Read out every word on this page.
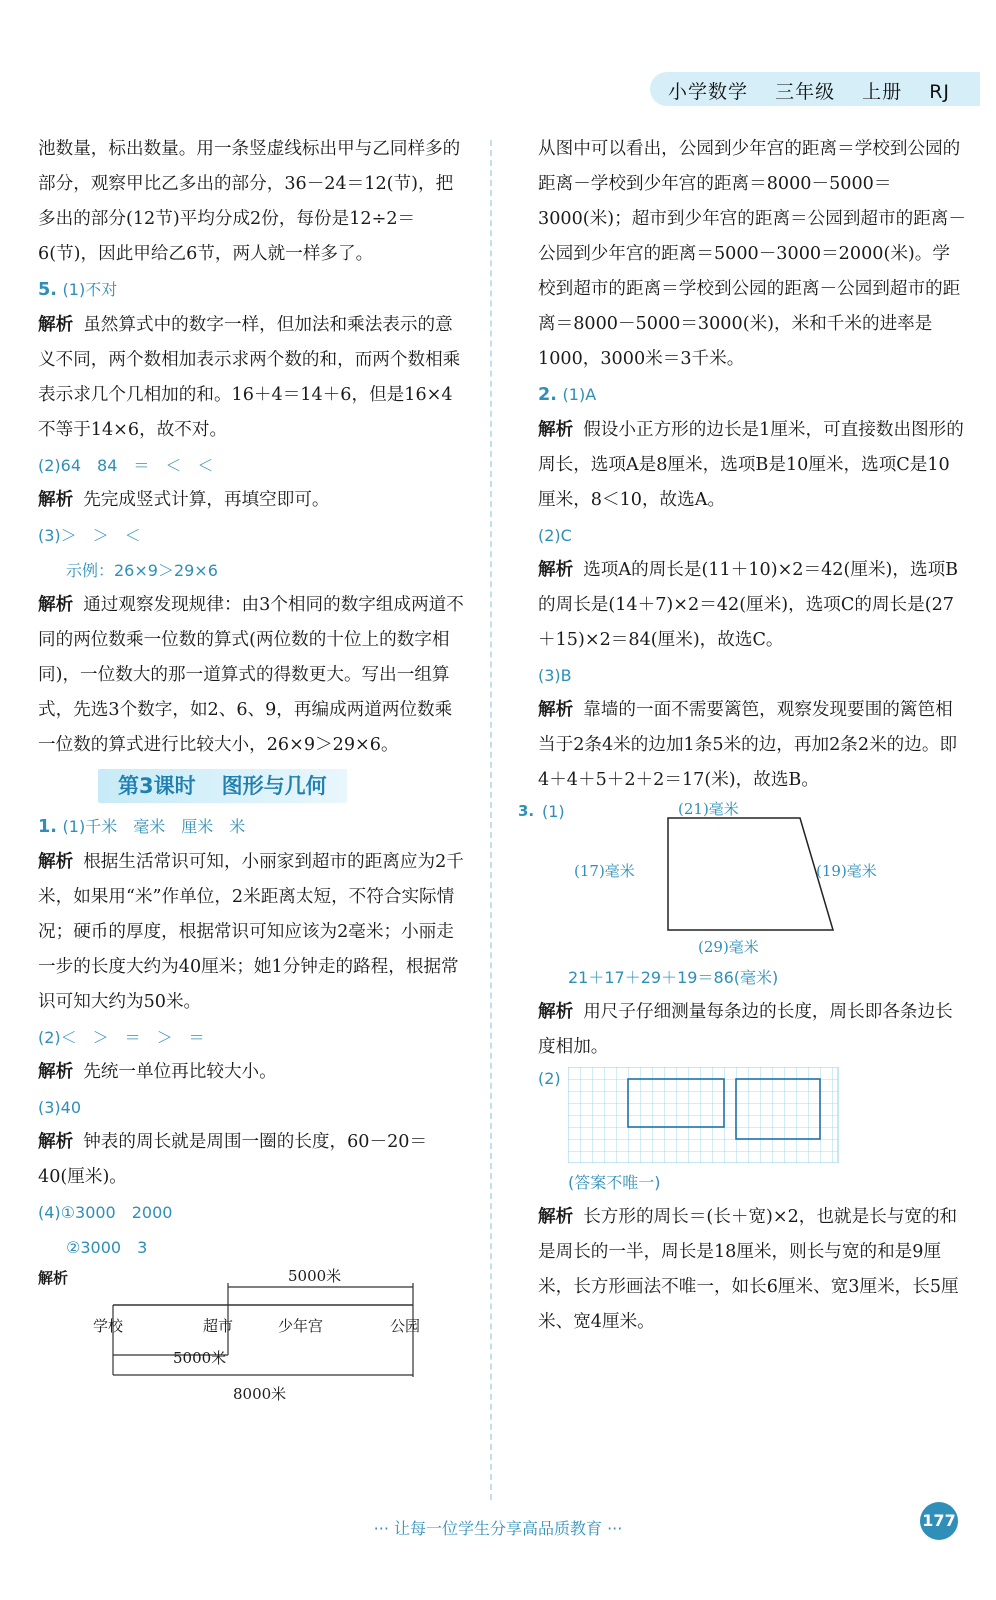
小学数学 三年级 上册 RJ

池数量，标出数量。用一条竖虚线标出甲与乙同样多的部分，观察甲比乙多出的部分，36－24＝12(节)，把多出的部分(12节)平均分成2份，每份是12÷2＝6(节)，因此甲给乙6节，两人就一样多了。

5. (1)不对

解析 虽然算式中的数字一样，但加法和乘法表示的意义不同，两个数相加表示求两个数的和，而两个数相乘表示求几个几相加的和。16＋4＝14＋6，但是16×4不等于14×6，故不对。

(2)64　84　＝　＜　＜

解析 先完成竖式计算，再填空即可。

(3)＞　＞　＜

示例：26×9＞29×6

解析 通过观察发现规律：由3个相同的数字组成两道不同的两位数乘一位数的算式(两位数的十位上的数字相同)，一位数大的那一道算式的得数更大。写出一组算式，先选3个数字，如2、6、9，再编成两道两位数乘一位数的算式进行比较大小，26×9＞29×6。

第3课时 图形与几何

1. (1)千米　毫米　厘米　米

解析 根据生活常识可知，小丽家到超市的距离应为2千米，如果用“米”作单位，2米距离太短，不符合实际情况；硬币的厚度，根据常识可知应该为2毫米；小丽走一步的长度大约为40厘米；她1分钟走的路程，根据常识可知大约为50米。

(2)＜　＞　＝　＞　＝

解析 先统一单位再比较大小。

(3)40

解析 钟表的周长就是周围一圈的长度，60－20＝40(厘米)。

(4)①3000　2000

②3000　3

解析	5000米
学校	超市	少年宫	公园
5000米
8000米

从图中可以看出，公园到少年宫的距离＝学校到公园的距离－学校到少年宫的距离＝8000－5000＝3000(米)；超市到少年宫的距离＝公园到超市的距离－公园到少年宫的距离＝5000－3000＝2000(米)。学校到超市的距离＝学校到公园的距离－公园到超市的距离＝8000－5000＝3000(米)，米和千米的进率是1000，3000米＝3千米。

2. (1)A

解析 假设小正方形的边长是1厘米，可直接数出图形的周长，选项A是8厘米，选项B是10厘米，选项C是10厘米，8＜10，故选A。

(2)C

解析 选项A的周长是(11＋10)×2＝42(厘米)，选项B的周长是(14＋7)×2＝42(厘米)，选项C的周长是(27＋15)×2＝84(厘米)，故选C。

(3)B

解析 靠墙的一面不需要篱笆，观察发现要围的篱笆相当于2条4米的边加1条5米的边，再加2条2米的边。即4＋4＋5＋2＋2＝17(米)，故选B。

3. (1)	(21)毫米
(17)毫米	(19)毫米
(29)毫米

21＋17＋29＋19＝86(毫米)

解析 用尺子仔细测量每条边的长度，周长即各条边长度相加。

(2)

(答案不唯一)

解析 长方形的周长＝(长＋宽)×2，也就是长与宽的和是周长的一半，周长是18厘米，则长与宽的和是9厘米，长方形画法不唯一，如长6厘米、宽3厘米，长5厘米、宽4厘米。

··· 让每一位学生分享高品质教育 ···	177
